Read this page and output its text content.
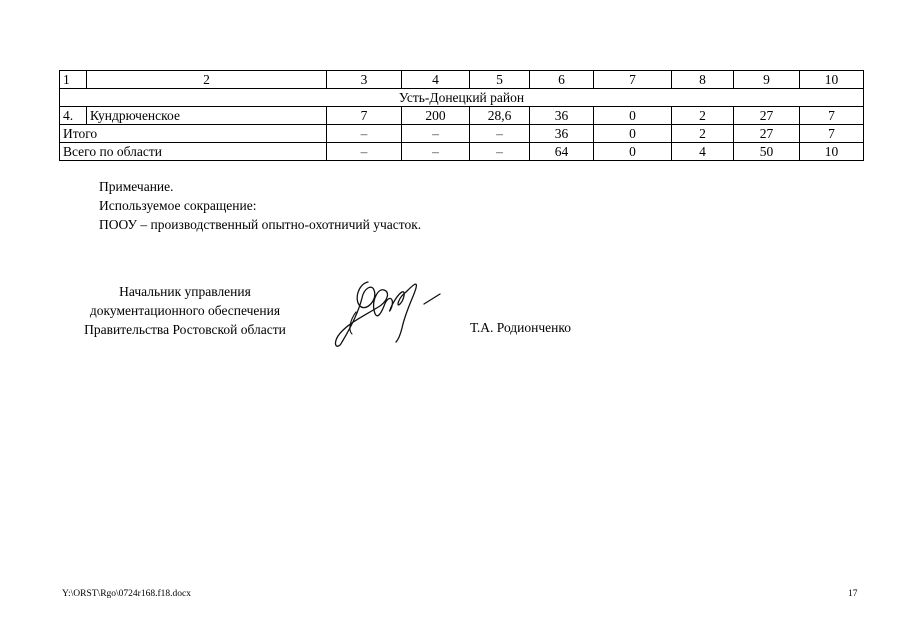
1	2	3	4	5	6	7	8	9	10
Усть-Донецкий район									
4.	Кундрюченское	7	200	28,6	36	0	2	27	7
Итого		–	–	–	36	0	2	27	7
Всего по области		–	–	–	64	0	4	50	10
Примечание.
Используемое сокращение:
ПООУ – производственный опытно-охотничий участок.
Начальник управления
документационного обеспечения
Правительства Ростовской области	Т.А. Родионченко
Y:\ORST\Rgo\0724r168.f18.docx	17
